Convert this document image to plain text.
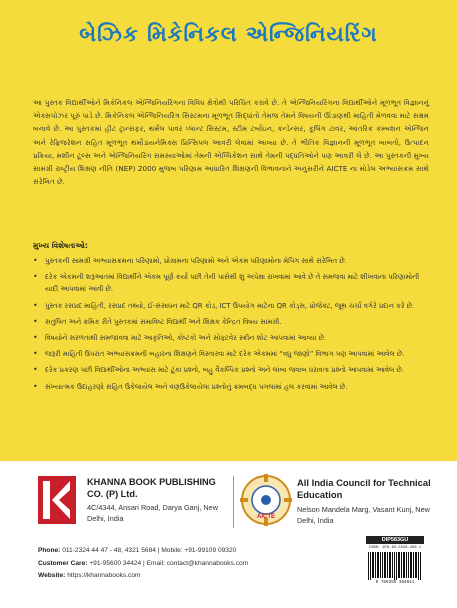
બેઝિક મિકેનિકલ એન્જિનિયરિંગ

આ પુસ્તક વિદ્યાર્થીઓને મિકેનિકલ એન્જિનિયરિંગના વિવિધ ક્ષેત્રોથી પરિચિત કરાવે છે. તે એન્જિનિયરિંગના વિદ્યાર્થીઓને મૂળભૂત વિજ્ઞાનનું એક્સપોઝર પૂરું પાડે છે. મિકેનિકલ એન્જિનિયરિંગ સિસ્ટમના મૂળભૂત સિદ્ધાંતો તેમજ તેમને વિષયની ઊંડાણથી માહિતી મેળવવા માટે સક્ષમ બનાવે છે. આ પુસ્તકમાં હીટ ટ્રાન્સફર, થર્મલ પાવર પ્લાન્ટ સિસ્ટમ, સ્ટીમ ટર્બાઇન, કન્ડેન્સર, કૂલિંગ ટાવર, આંતરિક કમ્બશન એન્જિન અને રેફ્રિજરેશન સહિત મૂળભૂત થર્મોડાયનેમિક્સ પ્રિન્સિપલ આવરી લેવામાં આવ્યા છે. તે ભૌતિક વિજ્ઞાનની મૂળભૂત બાબતો, ઉત્પાદન પ્રક્રિયા, મશીન ટૂલ્સ અને એન્જિનિયરિંગ સમસ્યાઓમાં તેમની એપ્લિકેશન સાથે તેમની પદ્ધતિઓને પણ આવરી લે છે. આ પુસ્તકની મુખ્ય સામગ્રી રાષ્ટ્રીય શિક્ષણ નીતિ (NEP) 2000 મુજબ પરિણામ આધારિત શિક્ષણની વિભાવનાને અનુસરીને AICTE ના મોડેલ અભ્યાસક્રમ સાથે સંરેખિત છે.

મુખ્ય વિશેષતાઓ:
• પુસ્તકની સામગ્રી અભ્યાસક્રમના પરિણામો, પ્રોગ્રામના પરિણામો અને એકમ પરિણામોના મેપિંગ સાથે સંરેખિત છે.
• દરેક એકમની શરૂઆતમાં વિદ્યાર્થીને એકમ પૂર્ણ કર્યા પછી તેની પાસેથી શું અપેક્ષા રાખવામાં આવે છે તે સમજવા માટે શીખવાના પરિણામોની યાદી આપવામાં આવી છે.
• પુસ્તક રસપ્રદ માહિતી, રસપ્રદ તથ્યો, ઈ-સંસાધન માટે QR કોડ, ICT ઉપયોગ માટેના QR કોડ્સ, પ્રોજેક્ટ, જૂથ ચર્ચા વગેરે પ્રદાન કરે છે.
• સતુલિત અને ક્રમિક રીતે પુસ્તકમાં સમાવિષ્ટ વિદ્યાર્થી અને શિક્ષક કેન્દ્રિત વિષય સામગ્રી.
• વિષયોને સરળતાથી સમજાવવા માટે આકૃતિઓ, કોષ્ટકો અને સોફ્ટવેર સ્ક્રીન શોટ આપવામાં આવ્યા છે.
• જરૂરી માહિતી ઉપરાંત અભ્યાસક્રમની બહારના શિક્ષણને વિસ્તારવા માટે દરેક એકમમાં “વધુ જાણો” વિભાગ પણ આપવામાં આવેલ છે.
• દરેક પ્રકરણ પછી વિદ્યાર્થીઓના અભ્યાસ માટે ટૂંકા પ્રશ્નો, બહુ વૈકલ્પિક પ્રશ્નો અને લાંબા જવાબ ધરાવતા પ્રશ્નો આપવામાં આવેલ છે.
• સંખ્યાત્મક ઉદાહરણો સહિત ઉકેલાયેલ અને વણઉકેલાયેલા પ્રશ્નોનું ક્રમબદ્ધ પગલામાં હલ કરવામાં આવેલ છે.
KHANNA BOOK PUBLISHING CO. (P) Ltd.
4C/4344, Ansari Road, Darya Ganj, New Delhi, India	AICTE
All India Council for Technical Education
Nelson Mandela Marg, Vasant Kunj, New Delhi, India
Phone: 011-2324 44 47 - 48, 4321 5684 | Mobile: +91-99109 09320
Customer Care: +91-95600 34424 | Email: contact@khannabooks.com
Website: https://khannabooks.com
DIP583GU
ISBN: 978-93-5538-464-1
9 789355 384641
